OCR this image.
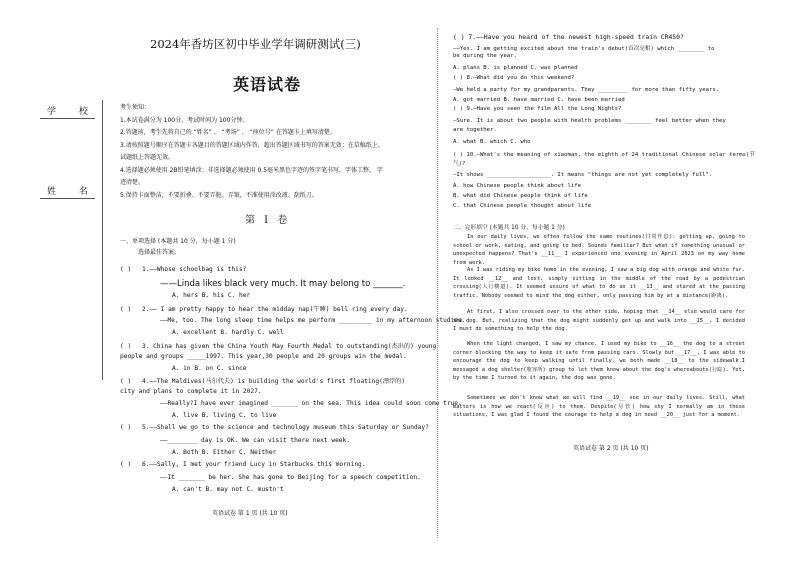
2024年香坊区初中毕业学年调研测试(三)
英语试卷
学 校
姓 名
考生须知：
1.本试卷满分为 100分，考试时间为 100分钟。
2.答题前，考生先将自己的 “姓名” 、 “考场” 、 “座位号” 在答题卡上填写清楚。
3.请按照题号顺序在答题卡各题目的答题区域内作答，超出答题区域书写的答案无效；在草稿纸上、
试题纸上答题无效。
4.选择题必须使用 2B铅笔填涂；非选择题必须使用 0.5毫米黑色字迹的签字笔书写，字体工整、 字
迹清楚。
5.保持卡面整洁，不要折叠、不要弄脏、弄皱，不准使用涂改液、刮纸刀。
第 I 卷
一、单项选择 (本题共 10 分，每小题 1 分)
选择最佳答案。
( )1.——Whose schoolbag is this?
——Linda likes black very much. It may belong to _______.
A. hers B. his C. her
( )2.—— I am pretty happy to hear the midday nap(午睡) bell ring every day.
——Me, too. The long sleep time helps me perform _________ in my afternoon studies.
A. excellent B. hardly C. well
( )3. China has given the China Youth May Fourth Medal to outstanding(杰出的) young
people and groups _____1997. This year,30 people and 20 groups win the medal.
A. in B. on C. since
( )4.——The Maldives(马尔代夫) is building the world's first floating(漂浮的)
city and plans to complete it in 2027.
——Really?I have ever imagined _______ on the sea. This idea could soon come true.
A. live B. living C. to live
( )5.——Shall we go to the science and technology museum this Saturday or Sunday?
——________ day is OK. We can visit there next week.
A. Both B. Either C. Neither
( )6.——Sally, I met your friend Lucy in Starbucks this morning.
——It _______ be her. She has gone to Beijing for a speech competition.
A. can't B. may not C. mustn't
英语试卷 第 1 页 (共 10 页)
( ) 7.——Have you heard of the newest high-speed train CR450?
——Yes. I am getting excited about the train's debut(首次亮相) which ________ to
be during the year.
A. plans B. is planned C. was planned
( ) 8.—What did you do this weekend?
—We held a party for my grandparents. They _________ for more than fifty years.
A. got married B. have married C. have been married
( ) 9.—Have you seen the film All the Long Nights?
—Sure. It is about two people with health problems ________ feel better when they
are together.
A. what B. which C. who
( ) 10.—What's the meaning of xiaoman, the eighth of 24 traditional Chinese solar terms(节
气)?
—It shows ___________________. It means "things are not yet completely full".
A. how Chinese people think about life
B. what did Chinese people think of life
C. that Chinese people thought about life
二、完形填空 (本题共 10 分，每小题 1 分)
In our daily lives, we often follow the same routines(日常作息): getting up, going to school or work, eating, and going to bed. Sounds familiar? But what if something unusual or unexpected happens? That's __11__ I experienced one evening in April 2023 on my way home from work.
As I was riding my bike home in the evening, I saw a big dog with orange and white fur. It looked __12__ and lost, simply sitting in the middle of the road by a pedestrian crossing(人行横道). It seemed unsure of what to do as it __13__ and stared at the passing traffic. Nobody seemed to mind the dog either, only passing him by at a distance(距离).
At first, I also crossed over to the other side, hoping that __14__ else would care for the dog. But, realizing that the dog might suddenly get up and walk into __15__, I decided I must do something to help the dog.
When the light changed, I saw my chance. I used my bike to __16__ the dog to a street corner blocking the way to keep it safe from passing cars. Slowly but __17__, I was able to encourage the dog to keep walking until finally, we both made __18__ to the sidewalk.I messaged a dog shelter(收容所) group to let them know about the dog's whereabouts(行踪). Yet, by the time I turned to it again, the dog was gone.
Sometimes we don't know what we will find __19__ see in our daily lives. Still, what matters is how we react(反应) to them. Despite(尽管) how shy I normally am in these situations, I was glad I found the courage to help a dog in need __20__ just for a moment.
英语试卷 第 2 页 (共 10 页)
